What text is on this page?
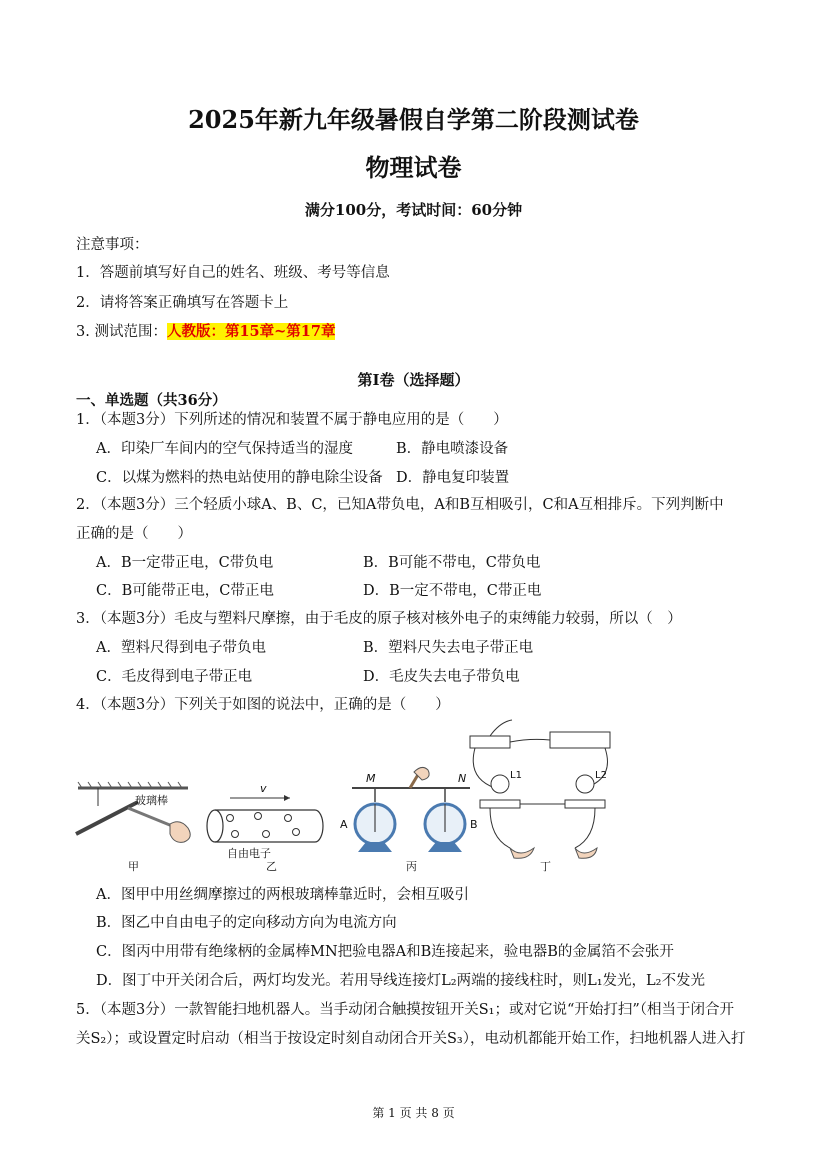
2025年新九年级暑假自学第二阶段测试卷
物理试卷
满分100分，考试时间：60分钟
注意事项：
1．答题前填写好自己的姓名、班级、考号等信息
2．请将答案正确填写在答题卡上
3. 测试范围：人教版：第15章~第17章
第I卷（选择题）
一、单选题（共36分）
1．（本题3分）下列所述的情况和装置不属于静电应用的是（　　）
A．印染厂车间内的空气保持适当的湿度	B．静电喷漆设备
C．以煤为燃料的热电站使用的静电除尘设备 D．静电复印装置
2．（本题3分）三个轻质小球A、B、C，已知A带负电，A和B互相吸引，C和A互相排斥。下列判断中
正确的是（　　）
A．B一定带正电，C带负电	B．B可能不带电，C带负电
C．B可能带正电，C带正电	D．B一定不带电，C带正电
3．（本题3分）毛皮与塑料尺摩擦，由于毛皮的原子核对核外电子的束缚能力较弱，所以（　）
A．塑料尺得到电子带负电	B．塑料尺失去电子带正电
C．毛皮得到电子带正电	D．毛皮失去电子带负电
4．（本题3分）下列关于如图的说法中，正确的是（　　）
玻璃棒
甲
v
自由电子
乙
M	N
A	B
丙
L1	L2
丁
A．图甲中用丝绸摩擦过的两根玻璃棒靠近时，会相互吸引
B．图乙中自由电子的定向移动方向为电流方向
C．图丙中用带有绝缘柄的金属棒MN把验电器A和B连接起来，验电器B的金属箔不会张开
D．图丁中开关闭合后，两灯均发光。若用导线连接灯L₂两端的接线柱时，则L₁发光，L₂不发光
5．（本题3分）一款智能扫地机器人。当手动闭合触摸按钮开关S₁；或对它说“开始打扫”（相当于闭合开
关S₂）；或设置定时启动（相当于按设定时刻自动闭合开关S₃），电动机都能开始工作，扫地机器人进入打
第 1 页 共 8 页
